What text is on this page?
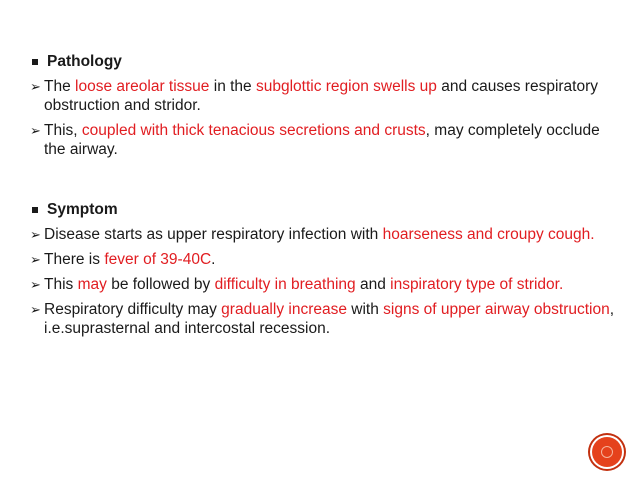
Pathology
➢ The loose areolar tissue in the subglottic region swells up and causes respiratory obstruction and stridor.
➢ This, coupled with thick tenacious secretions and crusts, may completely occlude the airway.
Symptom
➢ Disease starts as upper respiratory infection with hoarseness and croupy cough.
➢ There is fever of 39-40C.
➢ This may be followed by difficulty in breathing and inspiratory type of stridor.
➢ Respiratory difficulty may gradually increase with signs of upper airway obstruction, i.e.suprasternal and intercostal recession.
